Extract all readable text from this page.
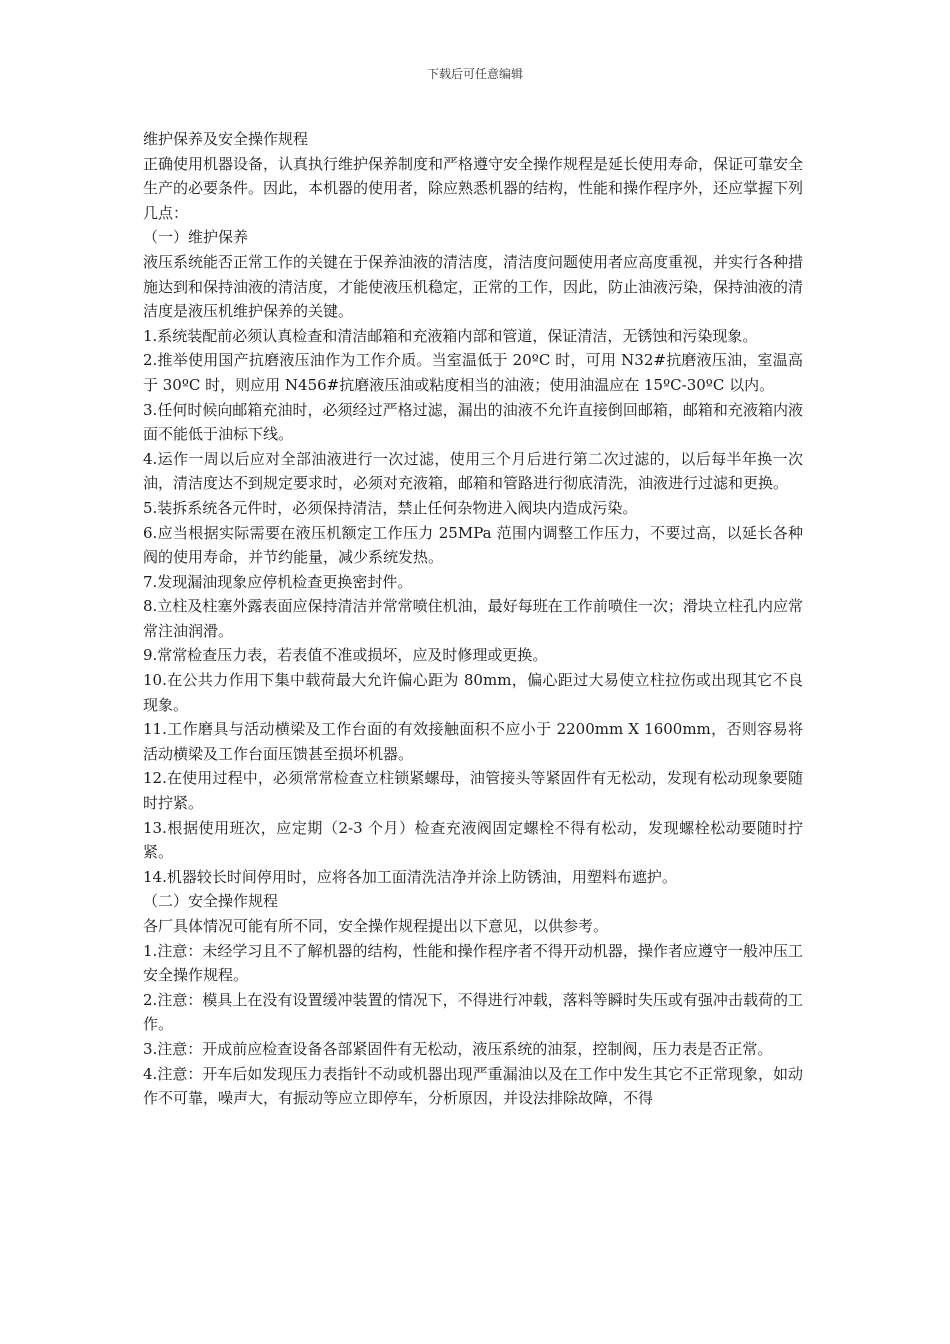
下载后可任意编辑

维护保养及安全操作规程

正确使用机器设备，认真执行维护保养制度和严格遵守安全操作规程是延长使用寿命，保证可靠安全生产的必要条件。因此，本机器的使用者，除应熟悉机器的结构，性能和操作程序外，还应掌握下列几点：

（一）维护保养

液压系统能否正常工作的关键在于保养油液的清洁度，清洁度问题使用者应高度重视，并实行各种措施达到和保持油液的清洁度，才能使液压机稳定，正常的工作，因此，防止油液污染，保持油液的清洁度是液压机维护保养的关键。

1.系统装配前必须认真检查和清洁邮箱和充液箱内部和管道，保证清洁，无锈蚀和污染现象。

2.推举使用国产抗磨液压油作为工作介质。当室温低于 20ºC 时，可用 N32#抗磨液压油，室温高于 30ºC 时，则应用 N456#抗磨液压油或粘度相当的油液；使用油温应在 15ºC-30ºC 以内。

3.任何时候向邮箱充油时，必须经过严格过滤，漏出的油液不允许直接倒回邮箱，邮箱和充液箱内液面不能低于油标下线。

4.运作一周以后应对全部油液进行一次过滤，使用三个月后进行第二次过滤的，以后每半年换一次油，清洁度达不到规定要求时，必须对充液箱，邮箱和管路进行彻底清洗，油液进行过滤和更换。

5.装拆系统各元件时，必须保持清洁，禁止任何杂物进入阀块内造成污染。

6.应当根据实际需要在液压机额定工作压力 25MPa 范围内调整工作压力，不要过高，以延长各种阀的使用寿命，并节约能量，减少系统发热。

7.发现漏油现象应停机检查更换密封件。

8.立柱及柱塞外露表面应保持清洁并常常喷住机油，最好每班在工作前喷住一次；滑块立柱孔内应常常注油润滑。

9.常常检查压力表，若表值不准或损坏，应及时修理或更换。

10.在公共力作用下集中载荷最大允许偏心距为 80mm，偏心距过大易使立柱拉伤或出现其它不良现象。

11.工作磨具与活动横梁及工作台面的有效接触面积不应小于 2200mm X 1600mm，否则容易将活动横梁及工作台面压馈甚至损坏机器。

12.在使用过程中，必须常常检查立柱锁紧螺母，油管接头等紧固件有无松动，发现有松动现象要随时拧紧。

13.根据使用班次，应定期（2-3 个月）检查充液阀固定螺栓不得有松动，发现螺栓松动要随时拧紧。

14.机器较长时间停用时，应将各加工面清洗洁净并涂上防锈油，用塑料布遮护。

（二）安全操作规程

各厂具体情况可能有所不同，安全操作规程提出以下意见，以供参考。

1.注意：未经学习且不了解机器的结构，性能和操作程序者不得开动机器，操作者应遵守一般冲压工安全操作规程。

2.注意：模具上在没有设置缓冲装置的情况下，不得进行冲载，落料等瞬时失压或有强冲击载荷的工作。

3.注意：开成前应检查设备各部紧固件有无松动，液压系统的油泵，控制阀，压力表是否正常。

4.注意：开车后如发现压力表指针不动或机器出现严重漏油以及在工作中发生其它不正常现象，如动作不可靠，噪声大，有振动等应立即停车，分析原因，并设法排除故障，不得
